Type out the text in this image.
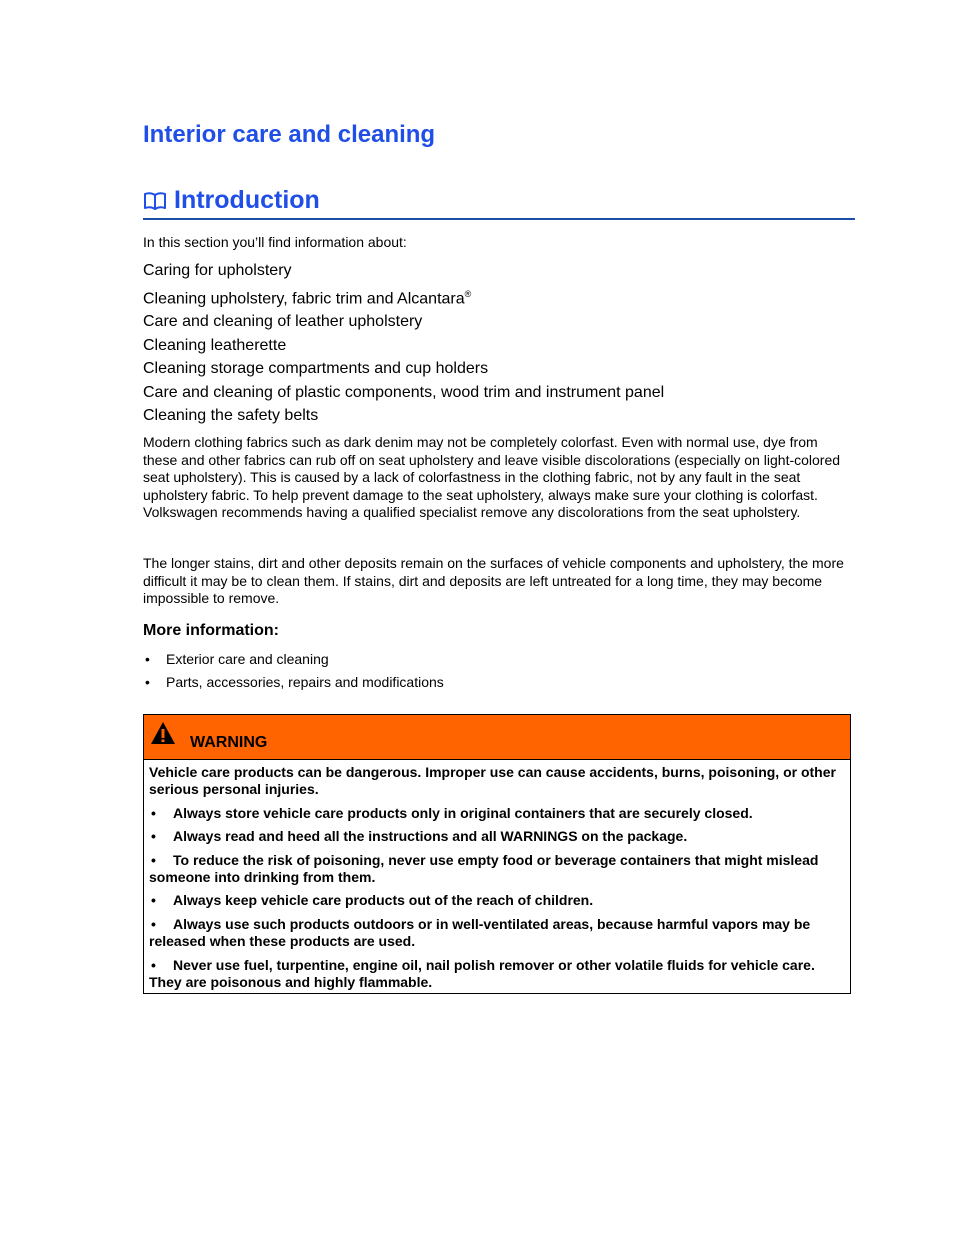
Interior care and cleaning
Introduction

In this section you’ll find information about:

Caring for upholstery
Cleaning upholstery, fabric trim and Alcantara®
Care and cleaning of leather upholstery
Cleaning leatherette
Cleaning storage compartments and cup holders
Care and cleaning of plastic components, wood trim and instrument panel
Cleaning the safety belts

Modern clothing fabrics such as dark denim may not be completely colorfast. Even with normal use, dye from these and other fabrics can rub off on seat upholstery and leave visible discolorations (especially on light-colored seat upholstery). This is caused by a lack of colorfastness in the clothing fabric, not by any fault in the seat upholstery fabric. To help prevent damage to the seat upholstery, always make sure your clothing is colorfast. Volkswagen recommends having a qualified specialist remove any discolorations from the seat upholstery.

The longer stains, dirt and other deposits remain on the surfaces of vehicle components and upholstery, the more difficult it may be to clean them. If stains, dirt and deposits are left untreated for a long time, they may become impossible to remove.

More information:
• Exterior care and cleaning
• Parts, accessories, repairs and modifications
WARNING

Vehicle care products can be dangerous. Improper use can cause accidents, burns, poisoning, or other serious personal injuries.

• Always store vehicle care products only in original containers that are securely closed.
• Always read and heed all the instructions and all WARNINGS on the package.
• To reduce the risk of poisoning, never use empty food or beverage containers that might mislead someone into drinking from them.
• Always keep vehicle care products out of the reach of children.
• Always use such products outdoors or in well-ventilated areas, because harmful vapors may be released when these products are used.
• Never use fuel, turpentine, engine oil, nail polish remover or other volatile fluids for vehicle care. They are poisonous and highly flammable.
